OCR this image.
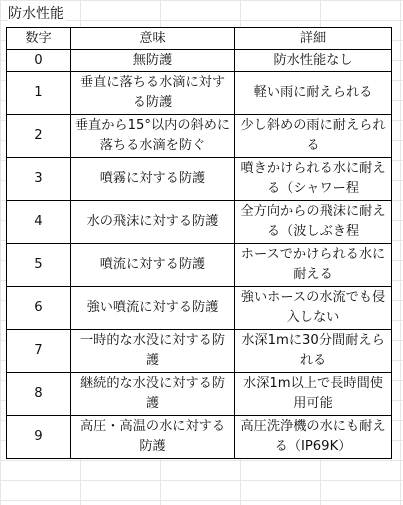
防水性能
数字	意味	詳細
0	無防護	防水性能なし
1	垂直に落ちる水滴に対する防護	軽い雨に耐えられる
2	垂直から15°以内の斜めに落ちる水滴を防ぐ	少し斜めの雨に耐えられる
3	噴霧に対する防護	噴きかけられる水に耐える（シャワー程
4	水の飛沫に対する防護	全方向からの飛沫に耐える（波しぶき程
5	噴流に対する防護	ホースでかけられる水に耐える
6	強い噴流に対する防護	強いホースの水流でも侵入しない
7	一時的な水没に対する防護	水深1mに30分間耐えられる
8	継続的な水没に対する防護	水深1m以上で長時間使用可能
9	高圧・高温の水に対する防護	高圧洗浄機の水にも耐える（IP69K）
